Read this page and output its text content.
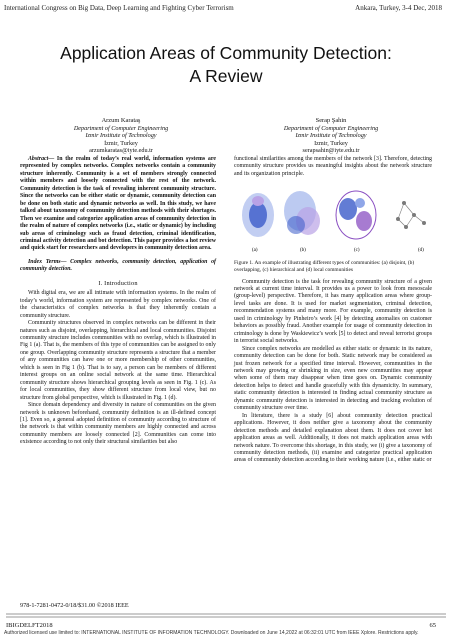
International Congress on Big Data, Deep Learning and Fighting Cyber Terrorism	Ankara, Turkey, 3-4 Dec, 2018
Application Areas of Community Detection:
A Review
Arzum Karataş
Department of Computer Engineering
Izmir Institute of Technology
İzmir, Turkey
arzumkaratas@iyte.edu.tr
Serap Şahin
Department of Computer Engineering
Izmir Institute of Technology
Izmir, Turkey
serapsahin@iyte.edu.tr

Abstract— In the realm of today’s real world, information systems are represented by complex networks. Complex networks contain a community structure inherently. Community is a set of members strongly connected within members and loosely connected with the rest of the network. Community detection is the task of revealing inherent community structure. Since the networks can be either static or dynamic, community detection can be done on both static and dynamic networks as well. In this study, we have talked about taxonomy of community detection methods with their shortages. Then we examine and categorize application areas of community detection in the realm of nature of complex networks (i.e., static or dynamic) by including sub areas of criminology such as fraud detection, criminal identification, criminal activity detection and bot detection. This paper provides a hot review and quick start for researchers and developers in community detection area.

Index Terms— Complex networks, community detection, application of community detection.

I. Introduction

With digital era, we are all intimate with information systems. In the realm of today’s world, information system are represented by complex networks. One of the characteristics of complex networks is that they inherently contain a community structure.

Community structures observed in complex networks can be different in their natures such as disjoint, overlapping, hierarchical and local communities. Disjoint community structure includes communities with no overlap, which is illustrated in Fig 1 (a). That is, the members of this type of communities can be assigned to only one group. Overlapping community structure represents a structure that a member of any communities can have one or more membership of other communities, which is seen in Fig 1 (b). That is to say, a person can be members of different interest groups on an online social network at the same time. Hierarchical community structure shows hierarchical grouping levels as seen in Fig. 1 (c). As for local communities, they show different structure from local view, but no structure from global perspective, which is illustrated in Fig. 1 (d).

Since domain dependency and diversity in nature of communities on the given network is unknown beforehand, community definition is an ill-defined concept [1]. Even so, a general adopted definition of community according to structure of the network is that within community members are highly connected and across community members are loosely connected [2]. Communities can come into existence according to not only their structural similarities but also

functional similarities among the members of the network [3]. Therefore, detecting community structure provides us meaningful insights about the network structure and its organization principle.

(a)	(b)	(c)	(d)

Figure 1. An example of illustrating different types of communities: (a) disjoint, (b) overlapping, (c) hierarchical and (d) local communities

Community detection is the task for revealing community structure of a given network at current time interval. It provides us a power to look from mesoscale (group-level) perspective. Therefore, it has many application areas where group-level tasks are done. It is used for market segmentation, criminal detection, recommendation systems and many more. For example, community detection is used in criminology by Pinheiro’s work [4] by detecting anomalies on customer behaviors as possibly fraud. Another example for usage of community detection in criminology is done by Waskiewicz’s work [5] to detect and reveal terrorist groups in terrorist social networks.

Since complex networks are modelled as either static or dynamic in its nature, community detection can be done for both. Static network may be considered as just frozen network for a specified time interval. However, communities in the network may growing or shrinking in size, even new communities may appear when some of them may disappear when time goes on. Dynamic community detection helps to detect and handle gracefully with this dynamicity. In summary, static community detection is interested in finding actual community structure as dynamic community detection is interested in detecting and tracking evolution of community structure over time.

In literature, there is a study [6] about community detection practical applications. However, it does neither give a taxonomy about the community detection methods and detailed explanation about them. It does not cover hot application areas as well. Additionally, it does not match application areas with network nature. To overcome this shortage, in this study, we (i) give a taxonomy of community detection methods, (ii) examine and categorize practical application areas of community detection according to their working nature (i.e., either static or

978-1-7281-0472-0/18/$31.00 ©2018 IEEE
IBIGDELFT2018	65
Authorized licensed use limited to: INTERNATIONAL INSTITUTE OF INFORMATION TECHNOLOGY. Downloaded on June 14,2022 at 06:32:01 UTC from IEEE Xplore. Restrictions apply.
